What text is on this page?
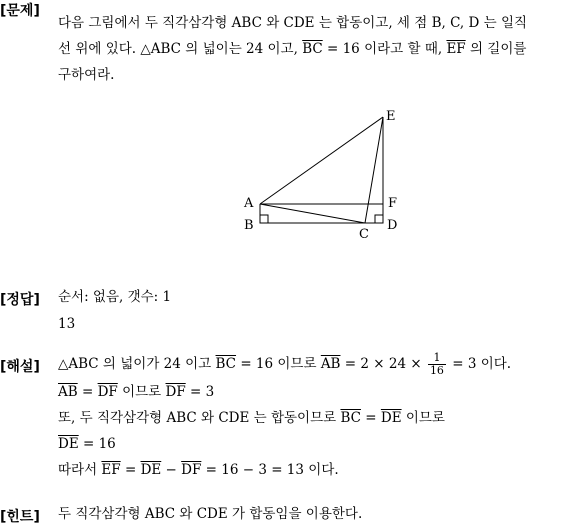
[문제]
다음 그림에서 두 직각삼각형 ABC 와 CDE 는 합동이고, 세 점 B, C, D 는 일직
선 위에 있다. △ABC 의 넓이는 24 이고, $\overline{BC} = 16$ 이라고 할 때, $\overline{EF}$ 의 길이를
구하여라.
A
B
C
D
E
F
[정답] 순서: 없음, 갯수: 1
13
[해설] △ABC 의 넓이가 24 이고 $\overline{BC} = 16$ 이므로 $\overline{AB} = 2 \times 24 \times \frac{1}{16} = 3$ 이다.
$\overline{AB} = \overline{DF}$ 이므로 $\overline{DF} = 3$
또, 두 직각삼각형 ABC 와 CDE 는 합동이므로 $\overline{BC} = \overline{DE}$ 이므로
$\overline{DE} = 16$
따라서 $\overline{EF} = \overline{DE} - \overline{DF} = 16 - 3 = 13$ 이다.
[힌트] 두 직각삼각형 ABC 와 CDE 가 합동임을 이용한다.
